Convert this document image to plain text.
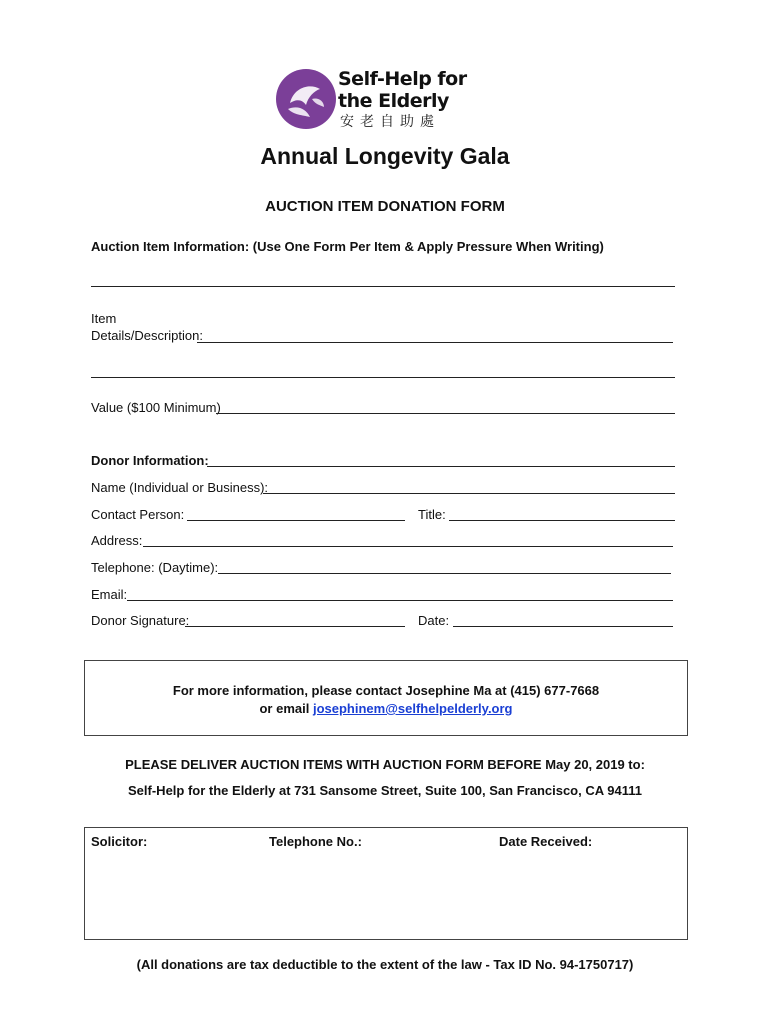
Self-Help for
the Elderly
安老自助處
Annual Longevity Gala
AUCTION ITEM DONATION FORM
Auction Item Information: (Use One Form Per Item & Apply Pressure When Writing)
Item
Details/Description:
Value ($100 Minimum)
Donor Information:
Name (Individual or Business):
Contact Person:	Title:
Address:
Telephone: (Daytime):
Email:
Donor Signature:	Date:
For more information, please contact Josephine Ma at (415) 677-7668
or email josephinem@selfhelpelderly.org
PLEASE DELIVER AUCTION ITEMS WITH AUCTION FORM BEFORE May 20, 2019 to:
Self-Help for the Elderly at 731 Sansome Street, Suite 100, San Francisco, CA 94111
Solicitor:	Telephone No.:	Date Received:
(All donations are tax deductible to the extent of the law - Tax ID No. 94-1750717)
